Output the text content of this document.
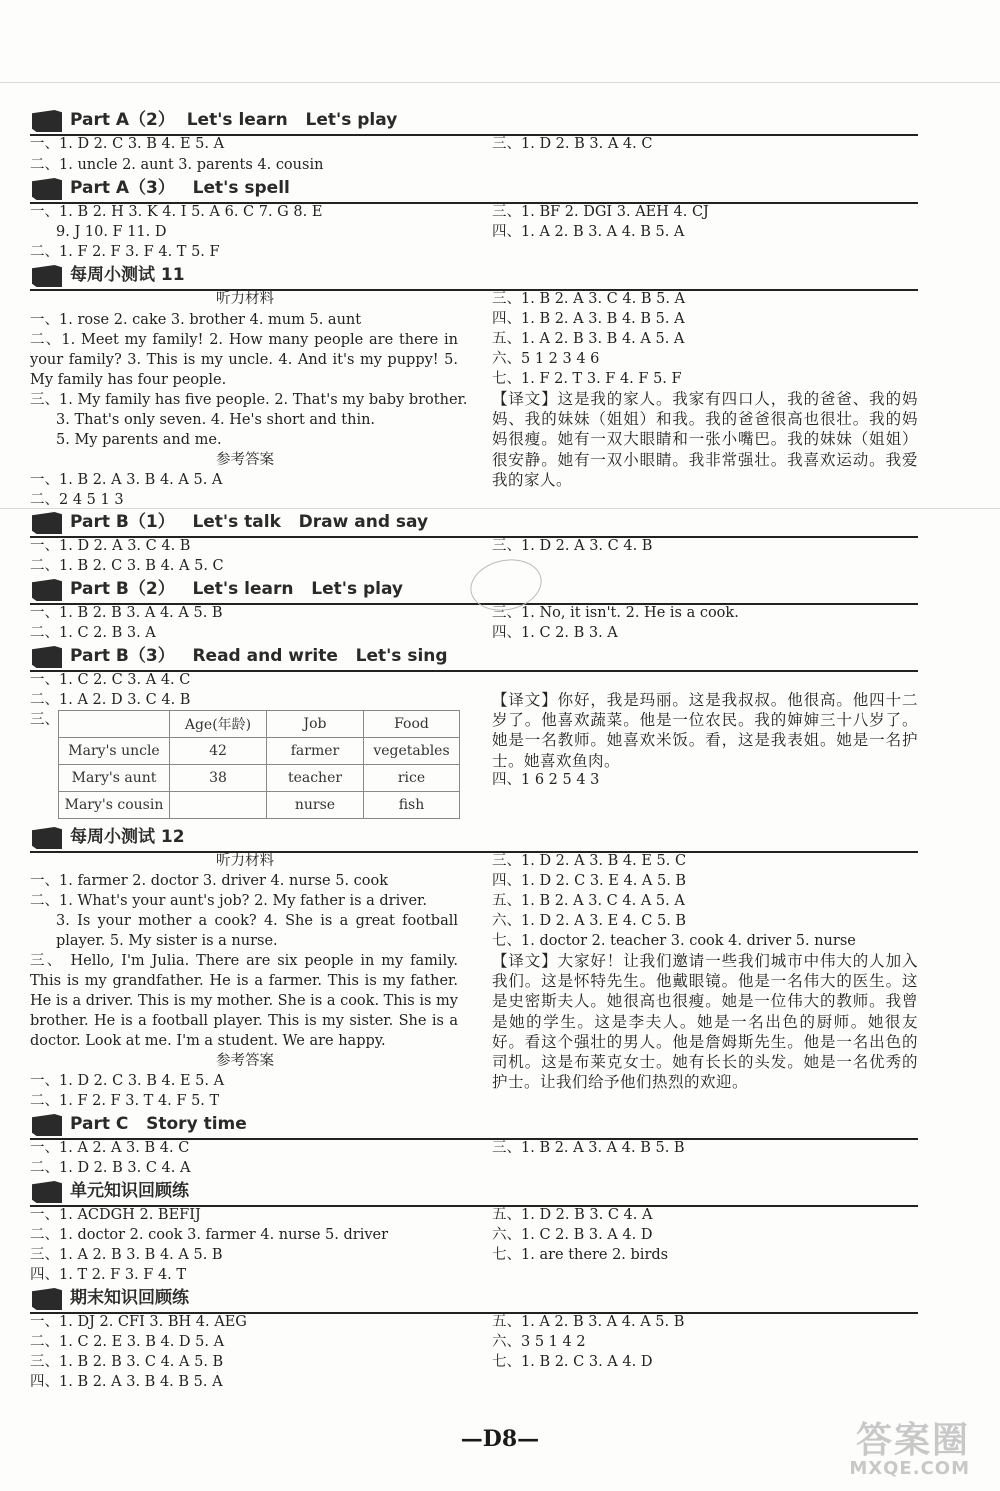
Part A（2）  Let's learn   Let's play
一、1. D 2. C 3. B 4. E 5. A
二、1. uncle 2. aunt 3. parents 4. cousin
三、1. D 2. B 3. A 4. C
Part A（3）   Let's spell
一、1. B 2. H 3. K 4. I 5. A 6. C 7. G 8. E
9. J 10. F 11. D
二、1. F 2. F 3. F 4. T 5. F
三、1. BF 2. DGI 3. AEH 4. CJ
四、1. A 2. B 3. A 4. B 5. A
每周小测试 11
听力材料
一、1. rose 2. cake 3. brother 4. mum 5. aunt
二、1. Meet my family! 2. How many people are there in your family? 3. This is my uncle. 4. And it's my puppy! 5. My family has four people.
三、1. My family has five people. 2. That's my baby brother.
3. That's only seven. 4. He's short and thin.
5. My parents and me.
参考答案
一、1. B 2. A 3. B 4. A 5. A
二、2 4 5 1 3
三、1. B 2. A 3. C 4. B 5. A
四、1. B 2. A 3. B 4. B 5. A
五、1. A 2. B 3. B 4. A 5. A
六、5 1 2 3 4 6
七、1. F 2. T 3. F 4. F 5. F
【译文】这是我的家人。我家有四口人，我的爸爸、我的妈妈、我的妹妹（姐姐）和我。我的爸爸很高也很壮。我的妈妈很瘦。她有一双大眼睛和一张小嘴巴。我的妹妹（姐姐）很安静。她有一双小眼睛。我非常强壮。我喜欢运动。我爱我的家人。
Part B（1）   Let's talk   Draw and say
一、1. D 2. A 3. C 4. B
二、1. B 2. C 3. B 4. A 5. C
三、1. D 2. A 3. C 4. B
Part B（2）   Let's learn   Let's play
一、1. B 2. B 3. A 4. A 5. B
二、1. C 2. B 3. A
三、1. No, it isn't. 2. He is a cook.
四、1. C 2. B 3. A
Part B（3）   Read and write   Let's sing
一、1. C 2. C 3. A 4. C
二、1. A 2. D 3. C 4. B
三、
		Age(年龄)	Job	Food
Mary's uncle	42	farmer	vegetables
Mary's aunt	38	teacher	rice
Mary's cousin		nurse	fish
【译文】你好，我是玛丽。这是我叔叔。他很高。他四十二岁了。他喜欢蔬菜。他是一位农民。我的婶婶三十八岁了。她是一名教师。她喜欢米饭。看，这是我表姐。她是一名护士。她喜欢鱼肉。
四、1 6 2 5 4 3
每周小测试 12
听力材料
一、1. farmer 2. doctor 3. driver 4. nurse 5. cook
二、1. What's your aunt's job? 2. My father is a driver.
3. Is your mother a cook? 4. She is a great football player. 5. My sister is a nurse.
三、 Hello, I'm Julia. There are six people in my family. This is my grandfather. He is a farmer. This is my father. He is a driver. This is my mother. She is a cook. This is my brother. He is a football player. This is my sister. She is a doctor. Look at me. I'm a student. We are happy.
参考答案
一、1. D 2. C 3. B 4. E 5. A
二、1. F 2. F 3. T 4. F 5. T
三、1. D 2. A 3. B 4. E 5. C
四、1. D 2. C 3. E 4. A 5. B
五、1. B 2. A 3. C 4. A 5. A
六、1. D 2. A 3. E 4. C 5. B
七、1. doctor 2. teacher 3. cook 4. driver 5. nurse
【译文】大家好！让我们邀请一些我们城市中伟大的人加入我们。这是怀特先生。他戴眼镜。他是一名伟大的医生。这是史密斯夫人。她很高也很瘦。她是一位伟大的教师。我曾是她的学生。这是李夫人。她是一名出色的厨师。她很友好。看这个强壮的男人。他是詹姆斯先生。他是一名出色的司机。这是布莱克女士。她有长长的头发。她是一名优秀的护士。让我们给予他们热烈的欢迎。
Part C   Story time
一、1. A 2. A 3. B 4. C
二、1. D 2. B 3. C 4. A
三、1. B 2. A 3. A 4. B 5. B
单元知识回顾练
一、1. ACDGH 2. BEFIJ
二、1. doctor 2. cook 3. farmer 4. nurse 5. driver
三、1. A 2. B 3. B 4. A 5. B
四、1. T 2. F 3. F 4. T
五、1. D 2. B 3. C 4. A
六、1. C 2. B 3. A 4. D
七、1. are there 2. birds
期末知识回顾练
一、1. DJ 2. CFI 3. BH 4. AEG
二、1. C 2. E 3. B 4. D 5. A
三、1. B 2. B 3. C 4. A 5. B
四、1. B 2. A 3. B 4. B 5. A
五、1. A 2. B 3. A 4. A 5. B
六、3 5 1 4 2
七、1. B 2. C 3. A 4. D
—D8—	答案圈
MXQE.COM
